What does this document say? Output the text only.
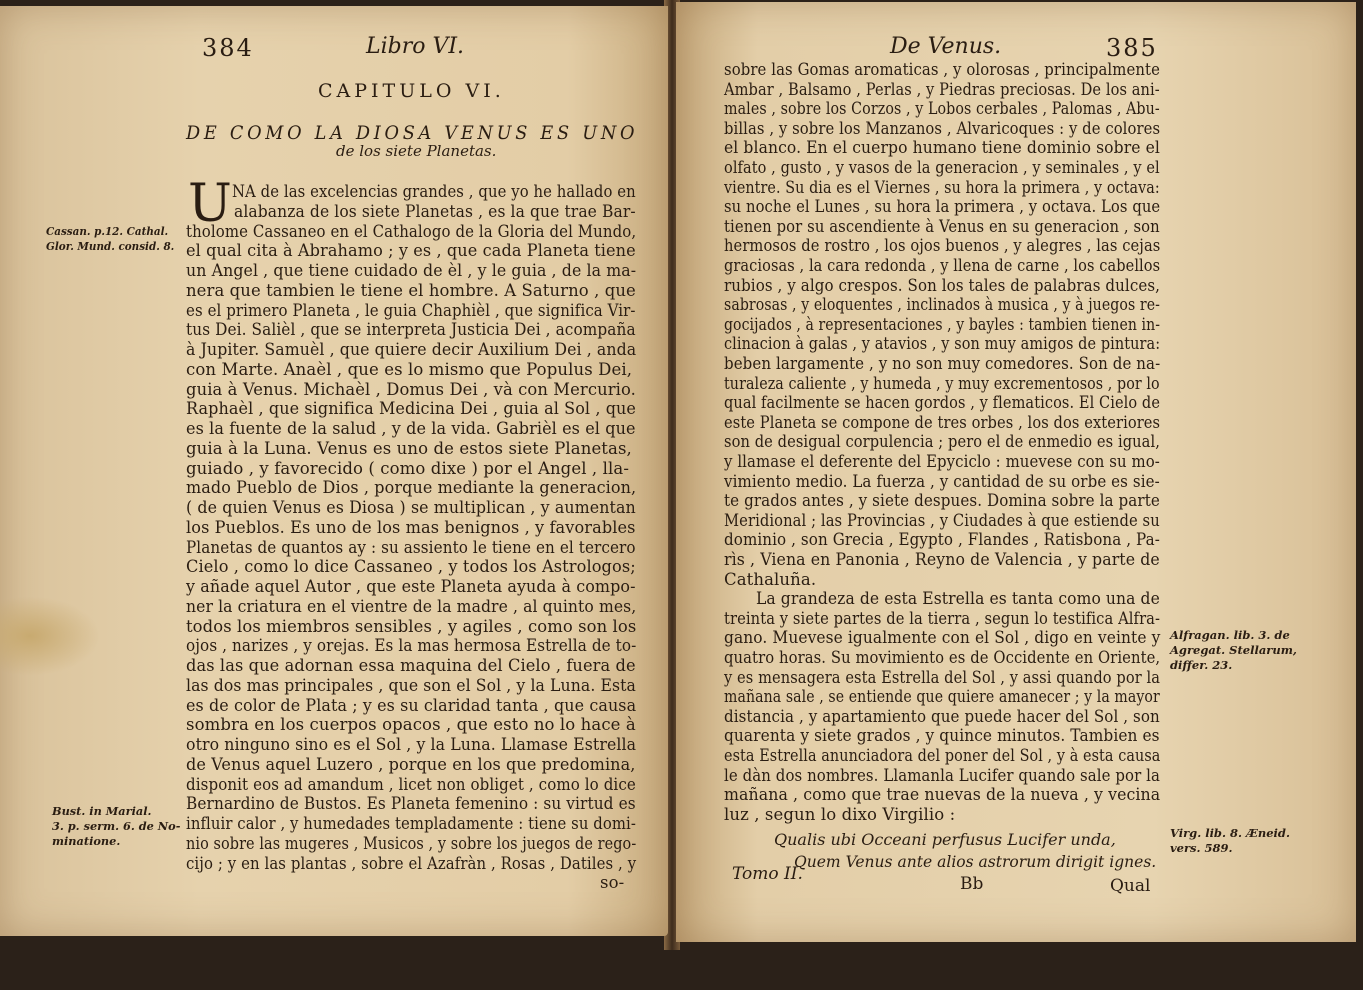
384	Libro VI.
CAPITULO VI.
DE COMO LA DIOSA VENUS ES UNO
de los siete Planetas.
U
Cassan. p.12. Cathal.
Glor. Mund. consid. 8.
Bust. in Marial.
3. p. serm. 6. de No-
minatione.
NA de las excelencias grandes , que yo he hallado en
alabanza de los siete Planetas , es la que trae Bar-
tholome Cassaneo en el Cathalogo de la Gloria del Mundo,
el qual cita à Abrahamo ; y es , que cada Planeta tiene
un Angel , que tiene cuidado de èl , y le guia , de la ma-
nera que tambien le tiene el hombre. A Saturno , que
es el primero Planeta , le guia Chaphièl , que significa Vir-
tus Dei. Salièl , que se interpreta Justicia Dei , acompaña
à Jupiter. Samuèl , que quiere decir Auxilium Dei , anda
con Marte. Anaèl , que es lo mismo que Populus Dei,
guia à Venus. Michaèl , Domus Dei , và con Mercurio.
Raphaèl , que significa Medicina Dei , guia al Sol , que
es la fuente de la salud , y de la vida. Gabrièl es el que
guia à la Luna. Venus es uno de estos siete Planetas,
guiado , y favorecido ( como dixe ) por el Angel , lla-
mado Pueblo de Dios , porque mediante la generacion,
( de quien Venus es Diosa ) se multiplican , y aumentan
los Pueblos. Es uno de los mas benignos , y favorables
Planetas de quantos ay : su assiento le tiene en el tercero
Cielo , como lo dice Cassaneo , y todos los Astrologos;
y añade aquel Autor , que este Planeta ayuda à compo-
ner la criatura en el vientre de la madre , al quinto mes,
todos los miembros sensibles , y agiles , como son los
ojos , narizes , y orejas. Es la mas hermosa Estrella de to-
das las que adornan essa maquina del Cielo , fuera de
las dos mas principales , que son el Sol , y la Luna. Esta
es de color de Plata ; y es su claridad tanta , que causa
sombra en los cuerpos opacos , que esto no lo hace à
otro ninguno sino es el Sol , y la Luna. Llamase Estrella
de Venus aquel Luzero , porque en los que predomina,
disponit eos ad amandum , licet non obliget , como lo dice
Bernardino de Bustos. Es Planeta femenino : su virtud es
influir calor , y humedades templadamente : tiene su domi-
nio sobre las mugeres , Musicos , y sobre los juegos de rego-
cijo ; y en las plantas , sobre el Azafràn , Rosas , Datiles , y
so-
De Venus.	385
Alfragan. lib. 3. de
Agregat. Stellarum,
differ. 23.
Virg. lib. 8. Æneid.
vers. 589.
sobre las Gomas aromaticas , y olorosas , principalmente
Ambar , Balsamo , Perlas , y Piedras preciosas. De los ani-
males , sobre los Corzos , y Lobos cerbales , Palomas , Abu-
billas , y sobre los Manzanos , Alvaricoques : y de colores
el blanco. En el cuerpo humano tiene dominio sobre el
olfato , gusto , y vasos de la generacion , y seminales , y el
vientre. Su dia es el Viernes , su hora la primera , y octava:
su noche el Lunes , su hora la primera , y octava. Los que
tienen por su ascendiente à Venus en su generacion , son
hermosos de rostro , los ojos buenos , y alegres , las cejas
graciosas , la cara redonda , y llena de carne , los cabellos
rubios , y algo crespos. Son los tales de palabras dulces,
sabrosas , y eloquentes , inclinados à musica , y à juegos re-
gocijados , à representaciones , y bayles : tambien tienen in-
clinacion à galas , y atavios , y son muy amigos de pintura:
beben largamente , y no son muy comedores. Son de na-
turaleza caliente , y humeda , y muy excrementosos , por lo
qual facilmente se hacen gordos , y flematicos. El Cielo de
este Planeta se compone de tres orbes , los dos exteriores
son de desigual corpulencia ; pero el de enmedio es igual,
y llamase el deferente del Epyciclo : muevese con su mo-
vimiento medio. La fuerza , y cantidad de su orbe es sie-
te grados antes , y siete despues. Domina sobre la parte
Meridional ; las Provincias , y Ciudades à que estiende su
dominio , son Grecia , Egypto , Flandes , Ratisbona , Pa-
rìs , Viena en Panonia , Reyno de Valencia , y parte de
Cathaluña.
La grandeza de esta Estrella es tanta como una de
treinta y siete partes de la tierra , segun lo testifica Alfra-
gano. Muevese igualmente con el Sol , digo en veinte y
quatro horas. Su movimiento es de Occidente en Oriente,
y es mensagera esta Estrella del Sol , y assi quando por la
mañana sale , se entiende que quiere amanecer ; y la mayor
distancia , y apartamiento que puede hacer del Sol , son
quarenta y siete grados , y quince minutos. Tambien es
esta Estrella anunciadora del poner del Sol , y à esta causa
le dàn dos nombres. Llamanla Lucifer quando sale por la
mañana , como que trae nuevas de la nueva , y vecina
luz , segun lo dixo Virgilio :
Qualis ubi Occeani perfusus Lucifer unda,
Quem Venus ante alios astrorum dirigit ignes.
Tomo II.	Bb	Qual
